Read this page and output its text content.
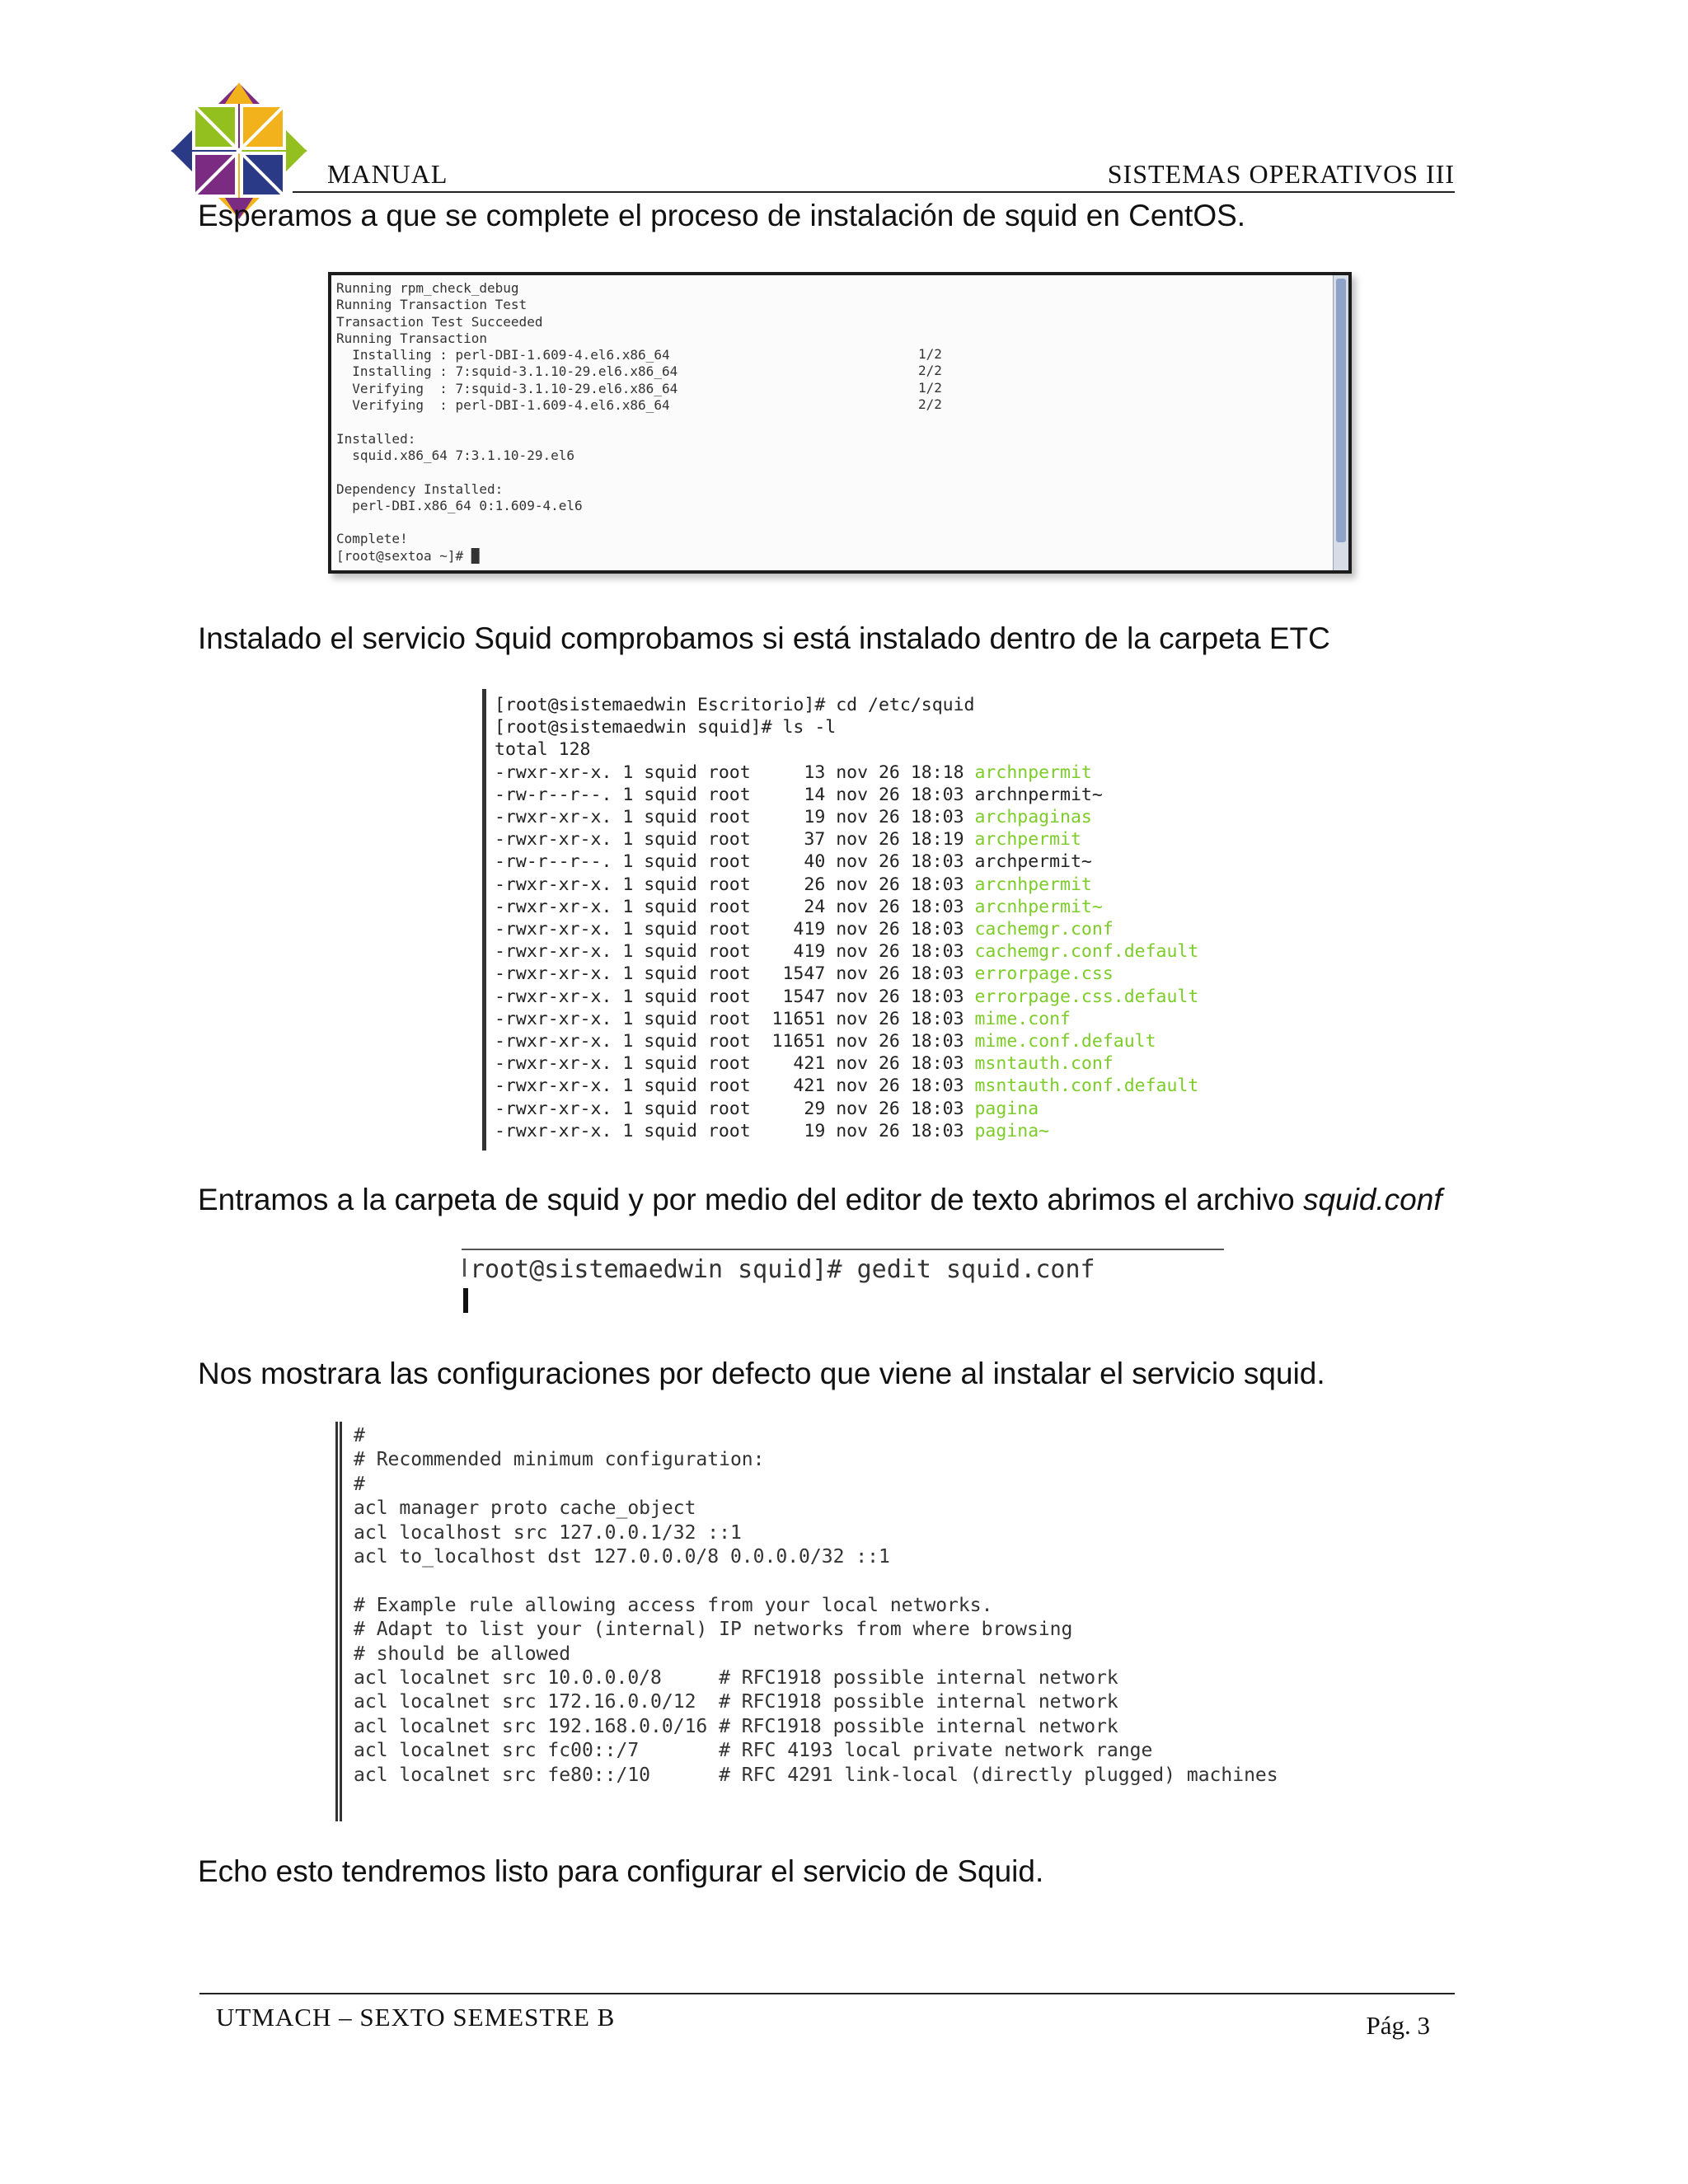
MANUAL	SISTEMAS OPERATIVOS III
Esperamos a que se complete el proceso de instalación de squid en CentOS.
Running rpm_check_debug
Running Transaction Test
Transaction Test Succeeded
Running Transaction
Installing : perl-DBI-1.609-4.el6.x86_64
Installing : 7:squid-3.1.10-29.el6.x86_64
Verifying  : 7:squid-3.1.10-29.el6.x86_64
Verifying  : perl-DBI-1.609-4.el6.x86_64

Installed:
squid.x86_64 7:3.1.10-29.el6

Dependency Installed:
perl-DBI.x86_64 0:1.609-4.el6

Complete!
[root@sextoa ~]# █
1/2
2/2
1/2
2/2
Instalado el servicio Squid comprobamos si está instalado dentro de la carpeta ETC
[root@sistemaedwin Escritorio]# cd /etc/squid
[root@sistemaedwin squid]# ls -l
total 128
-rwxr-xr-x. 1 squid root     13 nov 26 18:18 archnpermit
-rw-r--r--. 1 squid root     14 nov 26 18:03 archnpermit~
-rwxr-xr-x. 1 squid root     19 nov 26 18:03 archpaginas
-rwxr-xr-x. 1 squid root     37 nov 26 18:19 archpermit
-rw-r--r--. 1 squid root     40 nov 26 18:03 archpermit~
-rwxr-xr-x. 1 squid root     26 nov 26 18:03 arcnhpermit
-rwxr-xr-x. 1 squid root     24 nov 26 18:03 arcnhpermit~
-rwxr-xr-x. 1 squid root    419 nov 26 18:03 cachemgr.conf
-rwxr-xr-x. 1 squid root    419 nov 26 18:03 cachemgr.conf.default
-rwxr-xr-x. 1 squid root   1547 nov 26 18:03 errorpage.css
-rwxr-xr-x. 1 squid root   1547 nov 26 18:03 errorpage.css.default
-rwxr-xr-x. 1 squid root  11651 nov 26 18:03 mime.conf
-rwxr-xr-x. 1 squid root  11651 nov 26 18:03 mime.conf.default
-rwxr-xr-x. 1 squid root    421 nov 26 18:03 msntauth.conf
-rwxr-xr-x. 1 squid root    421 nov 26 18:03 msntauth.conf.default
-rwxr-xr-x. 1 squid root     29 nov 26 18:03 pagina
-rwxr-xr-x. 1 squid root     19 nov 26 18:03 pagina~
Entramos a la carpeta de squid y por medio del editor de texto abrimos el archivo squid.conf
root@sistemaedwin squid]# gedit squid.conf
Nos mostrara las configuraciones por defecto que viene al instalar el servicio squid.
#
# Recommended minimum configuration:
#
acl manager proto cache_object
acl localhost src 127.0.0.1/32 ::1
acl to_localhost dst 127.0.0.0/8 0.0.0.0/32 ::1
# Example rule allowing access from your local networks.
# Adapt to list your (internal) IP networks from where browsing
# should be allowed
acl localnet src 10.0.0.0/8     # RFC1918 possible internal network
acl localnet src 172.16.0.0/12  # RFC1918 possible internal network
acl localnet src 192.168.0.0/16 # RFC1918 possible internal network
acl localnet src fc00::/7       # RFC 4193 local private network range
acl localnet src fe80::/10      # RFC 4291 link-local (directly plugged) machines
Echo esto tendremos listo para configurar el servicio de Squid.
UTMACH – SEXTO SEMESTRE B	Pág. 3
